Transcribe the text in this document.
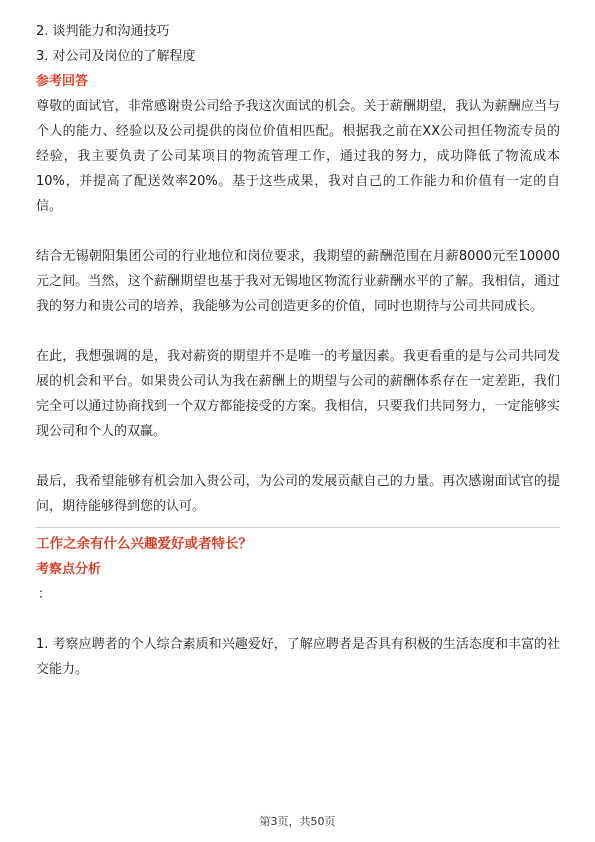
2. 谈判能力和沟通技巧
3. 对公司及岗位的了解程度
参考回答
尊敬的面试官，非常感谢贵公司给予我这次面试的机会。关于薪酬期望，我认为薪酬应当与个人的能力、经验以及公司提供的岗位价值相匹配。根据我之前在XX公司担任物流专员的经验，我主要负责了公司某项目的物流管理工作，通过我的努力，成功降低了物流成本10%，并提高了配送效率20%。基于这些成果，我对自己的工作能力和价值有一定的自信。
结合无锡朝阳集团公司的行业地位和岗位要求，我期望的薪酬范围在月薪8000元至10000元之间。当然，这个薪酬期望也基于我对无锡地区物流行业薪酬水平的了解。我相信，通过我的努力和贵公司的培养，我能够为公司创造更多的价值，同时也期待与公司共同成长。
在此，我想强调的是，我对薪资的期望并不是唯一的考量因素。我更看重的是与公司共同发展的机会和平台。如果贵公司认为我在薪酬上的期望与公司的薪酬体系存在一定差距，我们完全可以通过协商找到一个双方都能接受的方案。我相信，只要我们共同努力，一定能够实现公司和个人的双赢。
最后，我希望能够有机会加入贵公司，为公司的发展贡献自己的力量。再次感谢面试官的提问，期待能够得到您的认可。
工作之余有什么兴趣爱好或者特长？
考察点分析
：
1. 考察应聘者的个人综合素质和兴趣爱好，了解应聘者是否具有积极的生活态度和丰富的社交能力。
第3页，共50页
